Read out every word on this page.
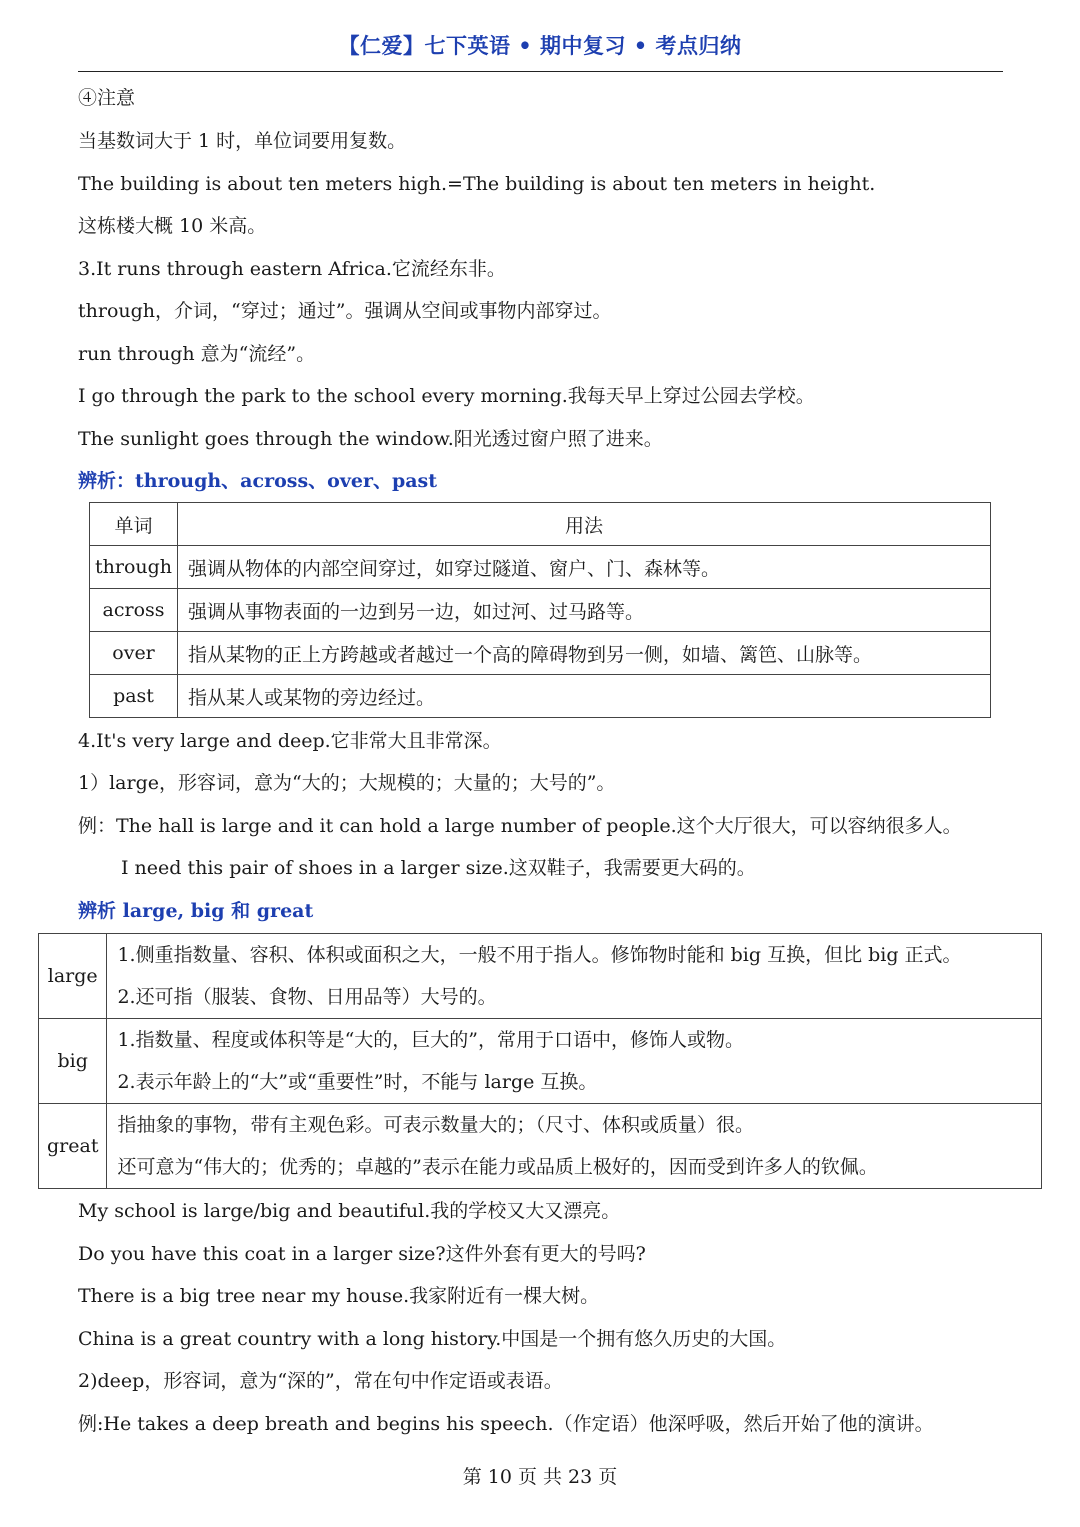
【仁爱】七下英语 • 期中复习 • 考点归纳
④注意
当基数词大于 1 时，单位词要用复数。
The building is about ten meters high.=The building is about ten meters in height.
这栋楼大概 10 米高。
3.It runs through eastern Africa.它流经东非。
through，介词，“穿过；通过”。强调从空间或事物内部穿过。
run through 意为“流经”。
I go through the park to the school every morning.我每天早上穿过公园去学校。
The sunlight goes through the window.阳光透过窗户照了进来。
辨析：through、across、over、past
单词	用法
through	强调从物体的内部空间穿过，如穿过隧道、窗户、门、森林等。
across	强调从事物表面的一边到另一边，如过河、过马路等。
over	指从某物的正上方跨越或者越过一个高的障碍物到另一侧，如墙、篱笆、山脉等。
past	指从某人或某物的旁边经过。
4.It's very large and deep.它非常大且非常深。
1）large，形容词，意为“大的；大规模的；大量的；大号的”。
例：The hall is large and it can hold a large number of people.这个大厅很大，可以容纳很多人。
I need this pair of shoes in a larger size.这双鞋子，我需要更大码的。
辨析 large, big 和 great
large	1.侧重指数量、容积、体积或面积之大，一般不用于指人。修饰物时能和 big 互换，但比 big 正式。
2.还可指（服装、食物、日用品等）大号的。

big	1.指数量、程度或体积等是“大的，巨大的”，常用于口语中，修饰人或物。
2.表示年龄上的“大”或“重要性”时，不能与 large 互换。

great	指抽象的事物，带有主观色彩。可表示数量大的；（尺寸、体积或质量）很。
还可意为“伟大的；优秀的；卓越的”表示在能力或品质上极好的，因而受到许多人的钦佩。
My school is large/big and beautiful.我的学校又大又漂亮。
Do you have this coat in a larger size?这件外套有更大的号吗?
There is a big tree near my house.我家附近有一棵大树。
China is a great country with a long history.中国是一个拥有悠久历史的大国。
2)deep，形容词，意为“深的”，常在句中作定语或表语。
例:He takes a deep breath and begins his speech.（作定语）他深呼吸，然后开始了他的演讲。
第 10 页 共 23 页
